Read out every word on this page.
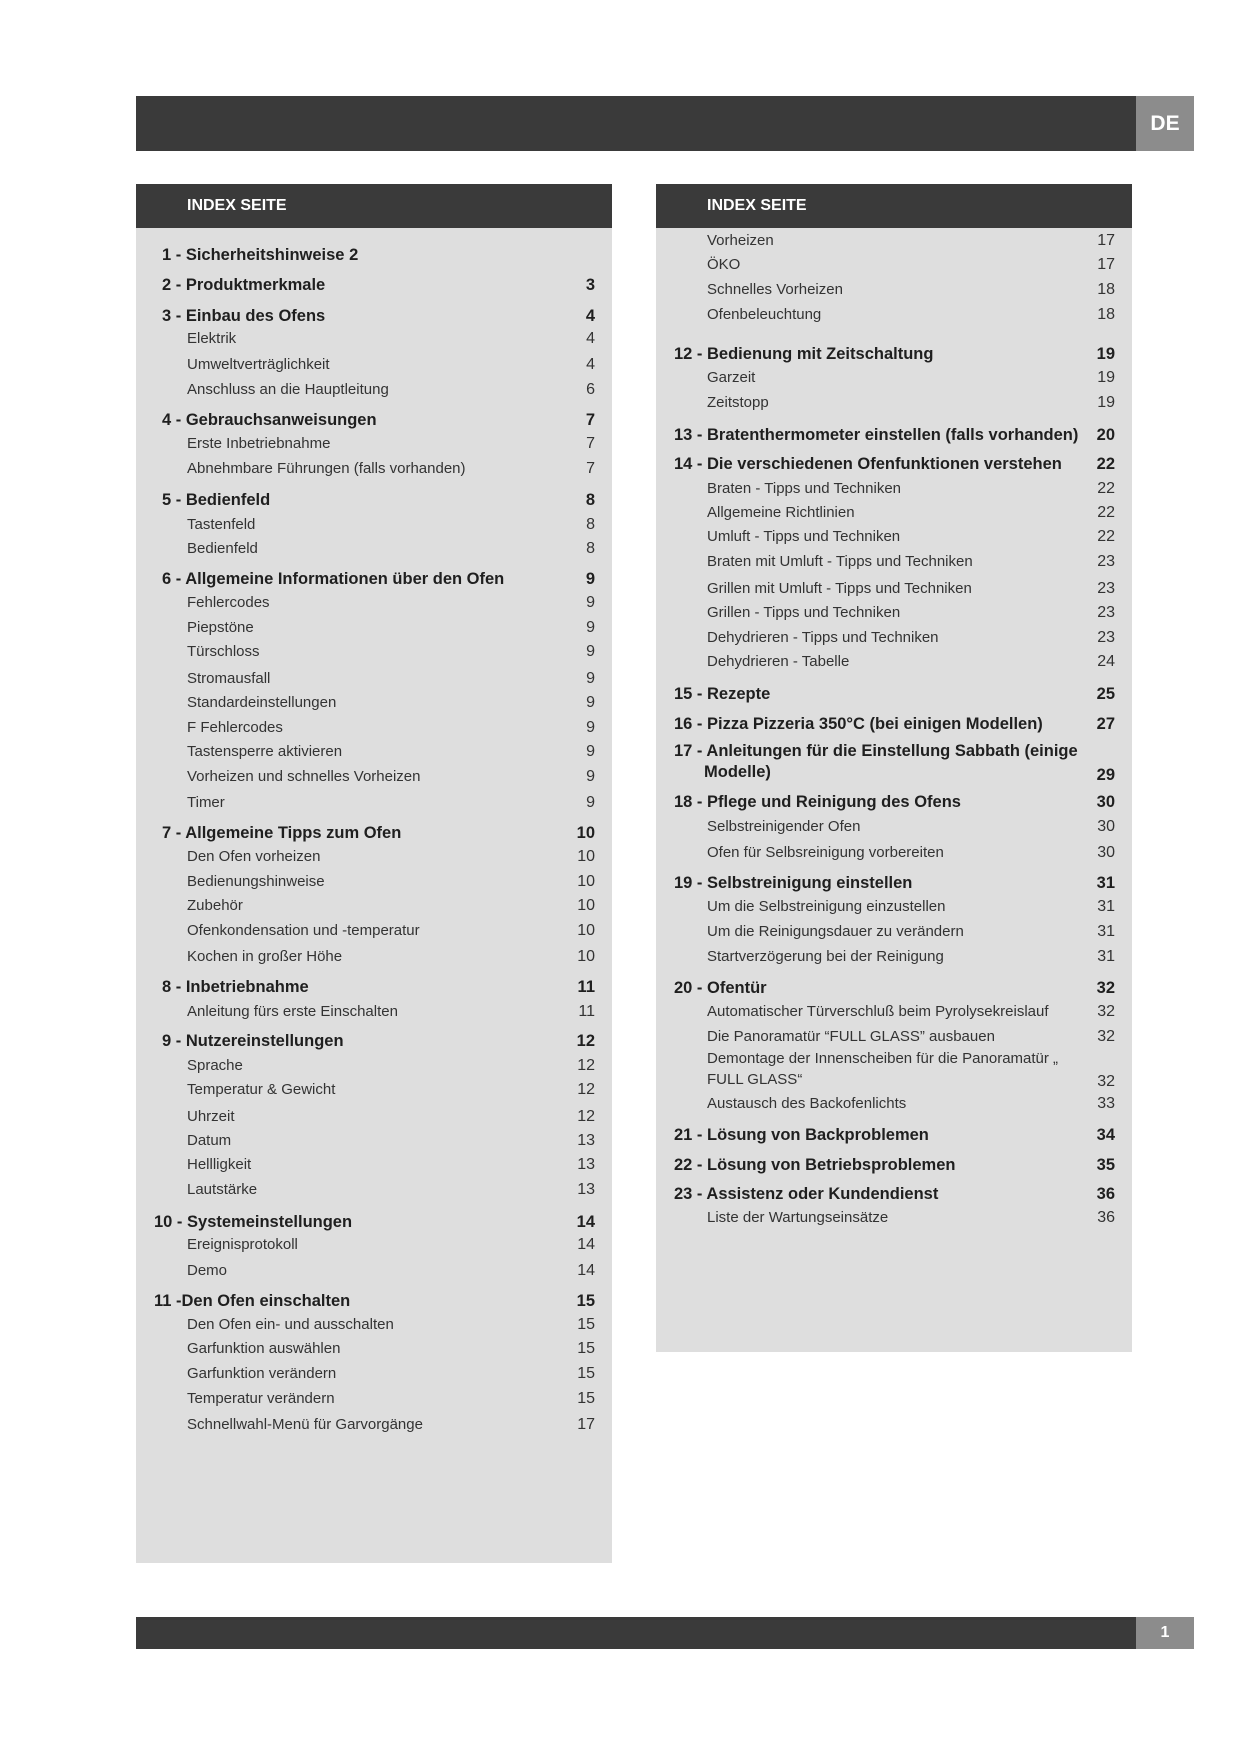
DE
INDEX SEITE
1 - Sicherheitshinweise 2
2 - Produktmerkmale	3
3 - Einbau des Ofens	4
Elektrik	4
Umweltverträglichkeit	4
Anschluss an die Hauptleitung	6
4 - Gebrauchsanweisungen	7
Erste Inbetriebnahme	7
Abnehmbare Führungen (falls vorhanden)	7
5 - Bedienfeld	8
Tastenfeld	8
Bedienfeld	8
6 - Allgemeine Informationen über den Ofen	9
Fehlercodes	9
Piepstöne	9
Türschloss	9
Stromausfall	9
Standardeinstellungen	9
F Fehlercodes	9
Tastensperre aktivieren	9
Vorheizen und schnelles Vorheizen	9
Timer	9
7 - Allgemeine Tipps zum Ofen	10
Den Ofen vorheizen	10
Bedienungshinweise	10
Zubehör	10
Ofenkondensation und -temperatur	10
Kochen in großer Höhe	10
8 - Inbetriebnahme	11
Anleitung fürs erste Einschalten	11
9 - Nutzereinstellungen	12
Sprache	12
Temperatur & Gewicht	12
Uhrzeit	12
Datum	13
Hellligkeit	13
Lautstärke	13
10 - Systemeinstellungen	14
Ereignisprotokoll	14
Demo	14
11 -Den Ofen einschalten	15
Den Ofen ein- und ausschalten	15
Garfunktion auswählen	15
Garfunktion verändern	15
Temperatur verändern	15
Schnellwahl-Menü für Garvorgänge	17
INDEX SEITE
Vorheizen	17
ÖKO	17
Schnelles Vorheizen	18
Ofenbeleuchtung	18
12 - Bedienung mit Zeitschaltung	19
Garzeit	19
Zeitstopp	19
13 - Bratenthermometer einstellen (falls vorhanden) 20
14 - Die verschiedenen Ofenfunktionen verstehen 22
Braten - Tipps und Techniken	22
Allgemeine Richtlinien	22
Umluft - Tipps und Techniken	22
Braten mit Umluft - Tipps und Techniken	23
Grillen mit Umluft - Tipps und Techniken	23
Grillen - Tipps und Techniken	23
Dehydrieren - Tipps und Techniken	23
Dehydrieren - Tabelle	24
15 - Rezepte	25
16 - Pizza Pizzeria 350°C (bei einigen Modellen)	27
17 - Anleitungen für die Einstellung Sabbath (einige Modelle)	29
18 - Pflege und Reinigung des Ofens	30
Selbstreinigender Ofen	30
Ofen für Selbsreinigung vorbereiten	30
19 - Selbstreinigung einstellen	31
Um die Selbstreinigung einzustellen	31
Um die Reinigungsdauer zu verändern	31
Startverzögerung bei der Reinigung	31
20 - Ofentür	32
Automatischer Türverschluß beim Pyrolysekreislauf	32
Die Panoramatür “FULL GLASS” ausbauen	32
Demontage der Innenscheiben für die Panoramatür „ FULL GLASS“	32
Austausch des Backofenlichts	33
21 - Lösung von Backproblemen	34
22 - Lösung von Betriebsproblemen	35
23 - Assistenz oder Kundendienst	36
Liste der Wartungseinsätze	36
1
